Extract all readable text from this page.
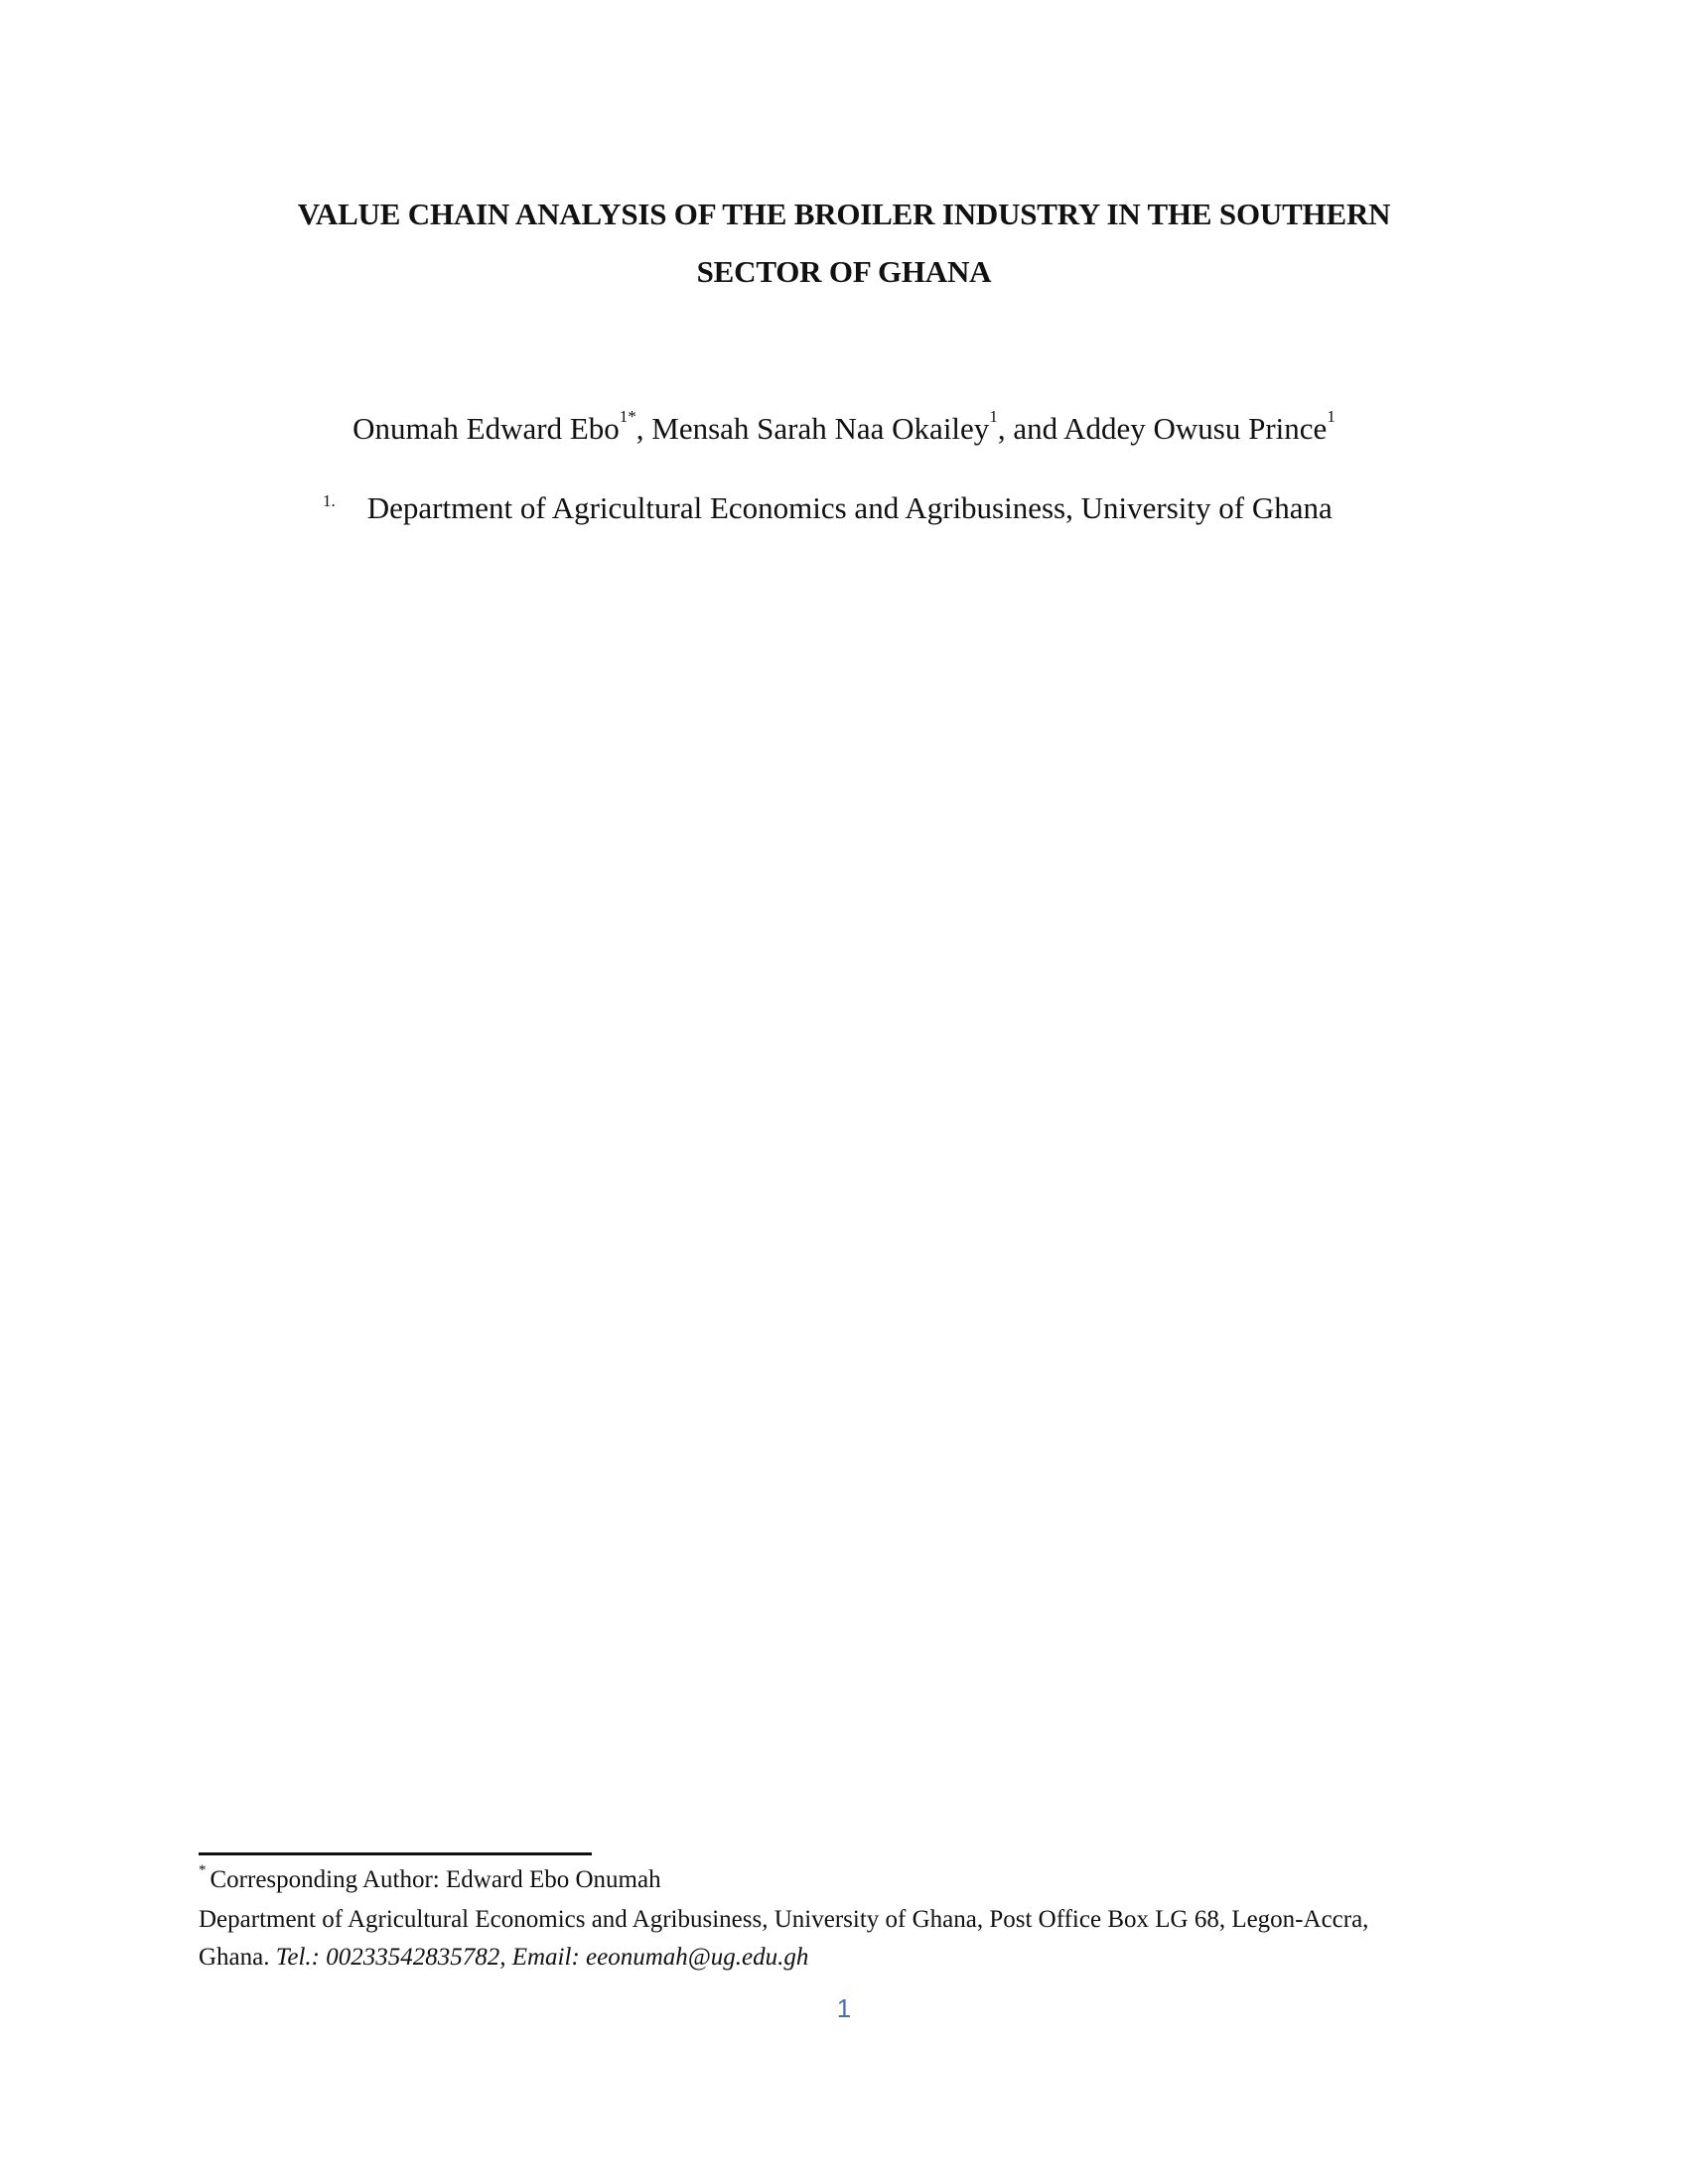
VALUE CHAIN ANALYSIS OF THE BROILER INDUSTRY IN THE SOUTHERN
SECTOR OF GHANA
Onumah Edward Ebo$^{1*}$, Mensah Sarah Naa Okailey$^1$, and Addey Owusu Prince$^1$
$^{1.}$ Department of Agricultural Economics and Agribusiness, University of Ghana
* Corresponding Author: Edward Ebo Onumah
Department of Agricultural Economics and Agribusiness, University of Ghana, Post Office Box LG 68, Legon-Accra,
Ghana. Tel.: 00233542835782, Email: eeonumah@ug.edu.gh
1
